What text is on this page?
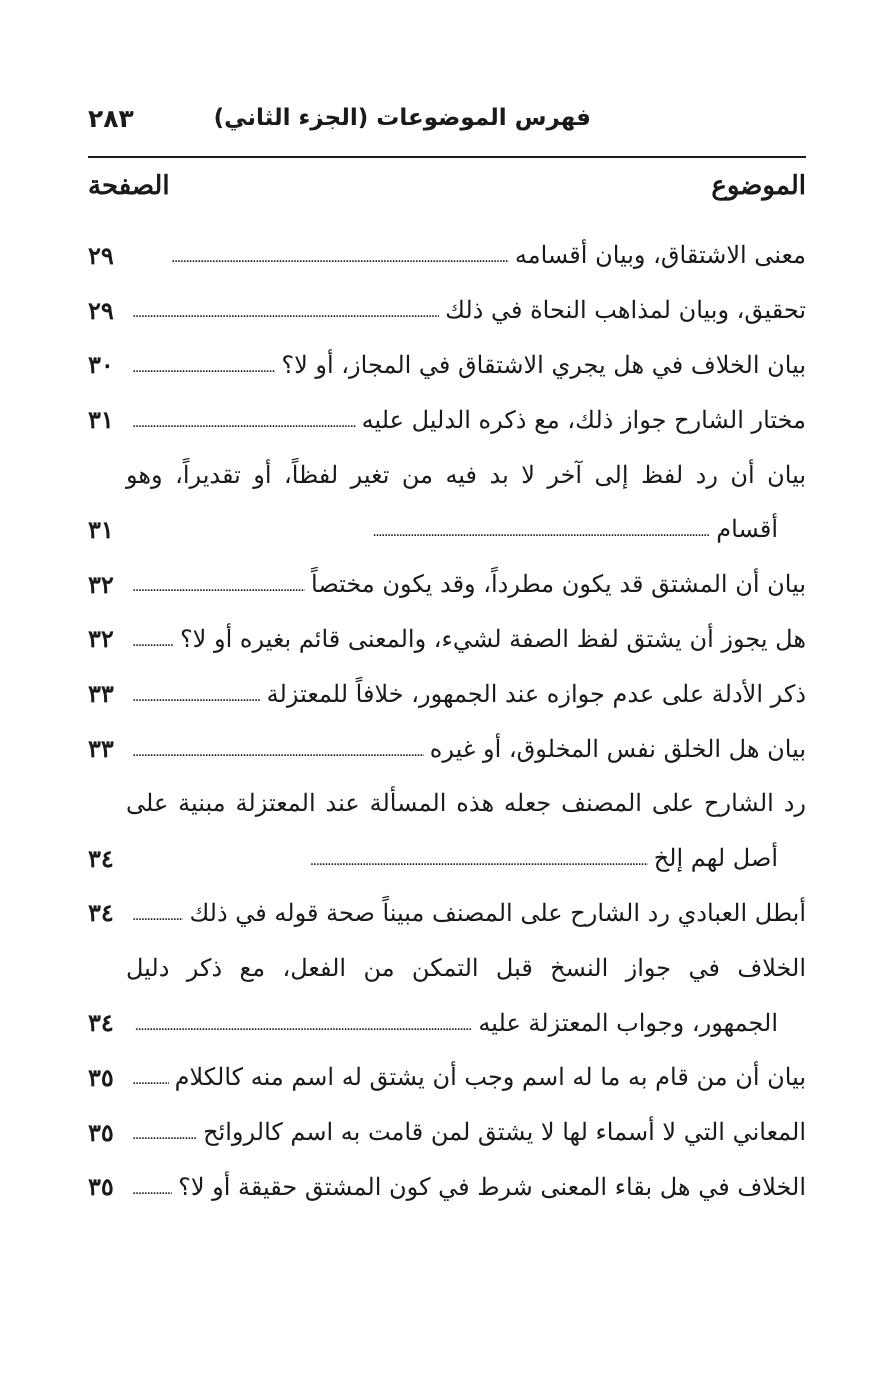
فهرس الموضوعات (الجزء الثاني)
٢٨٣
الموضوع
الصفحة
معنى الاشتقاق، وبيان أقسامه
. . .
٢٩
تحقيق، وبيان لمذاهب النحاة في ذلك
. . .
٢٩
بيان الخلاف في هل يجري الاشتقاق في المجاز، أو لا؟
. . .
٣٠
مختار الشارح جواز ذلك، مع ذكره الدليل عليه
. . .
٣١
بيان أن رد لفظ إلى آخر لا بد فيه من تغير لفظاً، أو تقديراً، وهو
أقسام
. . .
٣١
بيان أن المشتق قد يكون مطرداً، وقد يكون مختصاً
. . .
٣٢
هل يجوز أن يشتق لفظ الصفة لشيء، والمعنى قائم بغيره أو لا؟
. . .
٣٢
ذكر الأدلة على عدم جوازه عند الجمهور، خلافاً للمعتزلة
. . .
٣٣
بيان هل الخلق نفس المخلوق، أو غيره
. . .
٣٣
رد الشارح على المصنف جعله هذه المسألة عند المعتزلة مبنية على
أصل لهم إلخ
. . .
٣٤
أبطل العبادي رد الشارح على المصنف مبيناً صحة قوله في ذلك
. . .
٣٤
الخلاف في جواز النسخ قبل التمكن من الفعل، مع ذكر دليل
الجمهور، وجواب المعتزلة عليه
. . .
٣٤
بيان أن من قام به ما له اسم وجب أن يشتق له اسم منه كالكلام
. . .
٣٥
المعاني التي لا أسماء لها لا يشتق لمن قامت به اسم كالروائح
. . .
٣٥
الخلاف في هل بقاء المعنى شرط في كون المشتق حقيقة أو لا؟
. . .
٣٥
